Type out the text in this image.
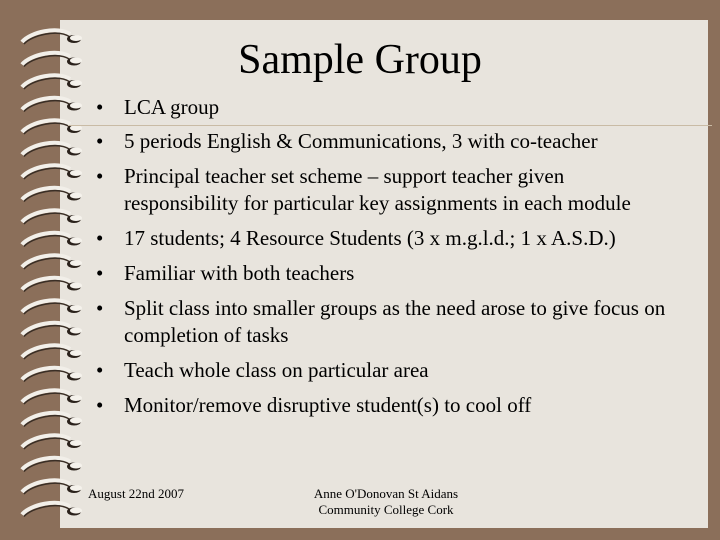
Sample Group
• LCA group
• 5 periods English & Communications, 3 with co-teacher
• Principal teacher set scheme – support teacher given responsibility for particular key assignments in each module
• 17 students; 4 Resource Students (3 x m.g.l.d.; 1 x A.S.D.)
• Familiar with both teachers
• Split class into smaller groups as the need arose to give focus on completion of tasks
• Teach whole class on particular area
• Monitor/remove disruptive student(s) to cool off
August 22nd 2007	Anne O'Donovan St Aidans
Community College Cork
